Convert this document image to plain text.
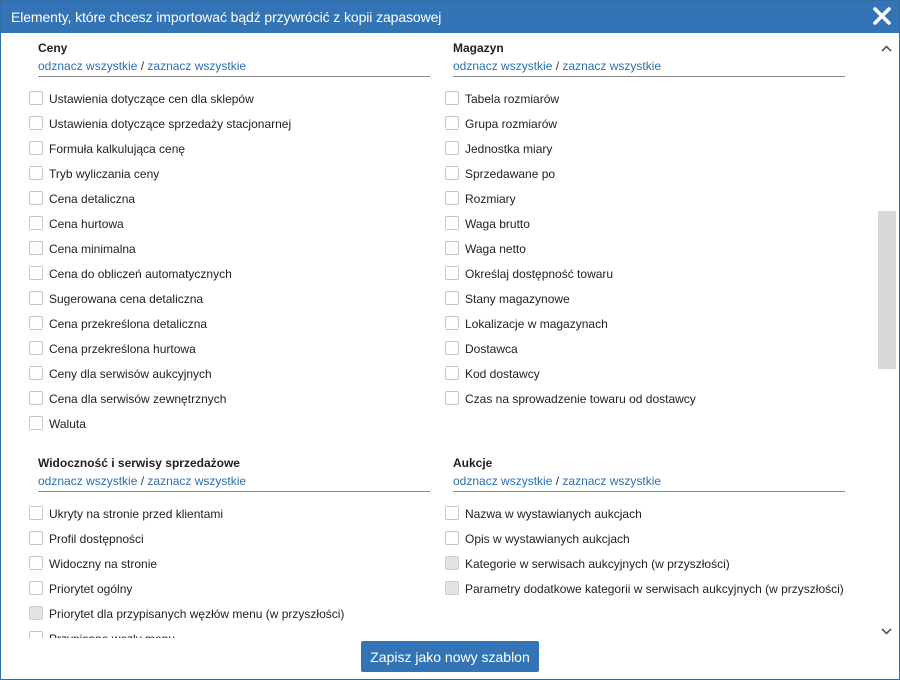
Elementy, które chcesz importować bądź przywrócić z kopii zapasowej
Ceny
odznacz wszystkie / zaznacz wszystkie
Ustawienia dotyczące cen dla sklepów
Ustawienia dotyczące sprzedaży stacjonarnej
Formuła kalkulująca cenę
Tryb wyliczania ceny
Cena detaliczna
Cena hurtowa
Cena minimalna
Cena do obliczeń automatycznych
Sugerowana cena detaliczna
Cena przekreślona detaliczna
Cena przekreślona hurtowa
Ceny dla serwisów aukcyjnych
Cena dla serwisów zewnętrznych
Waluta
Magazyn
odznacz wszystkie / zaznacz wszystkie
Tabela rozmiarów
Grupa rozmiarów
Jednostka miary
Sprzedawane po
Rozmiary
Waga brutto
Waga netto
Określaj dostępność towaru
Stany magazynowe
Lokalizacje w magazynach
Dostawca
Kod dostawcy
Czas na sprowadzenie towaru od dostawcy
Widoczność i serwisy sprzedażowe
odznacz wszystkie / zaznacz wszystkie
Ukryty na stronie przed klientami
Profil dostępności
Widoczny na stronie
Priorytet ogólny
Priorytet dla przypisanych węzłów menu (w przyszłości)
Aukcje
odznacz wszystkie / zaznacz wszystkie
Nazwa w wystawianych aukcjach
Opis w wystawianych aukcjach
Kategorie w serwisach aukcyjnych (w przyszłości)
Parametry dodatkowe kategorii w serwisach aukcyjnych (w przyszłości)
Zapisz jako nowy szablon
